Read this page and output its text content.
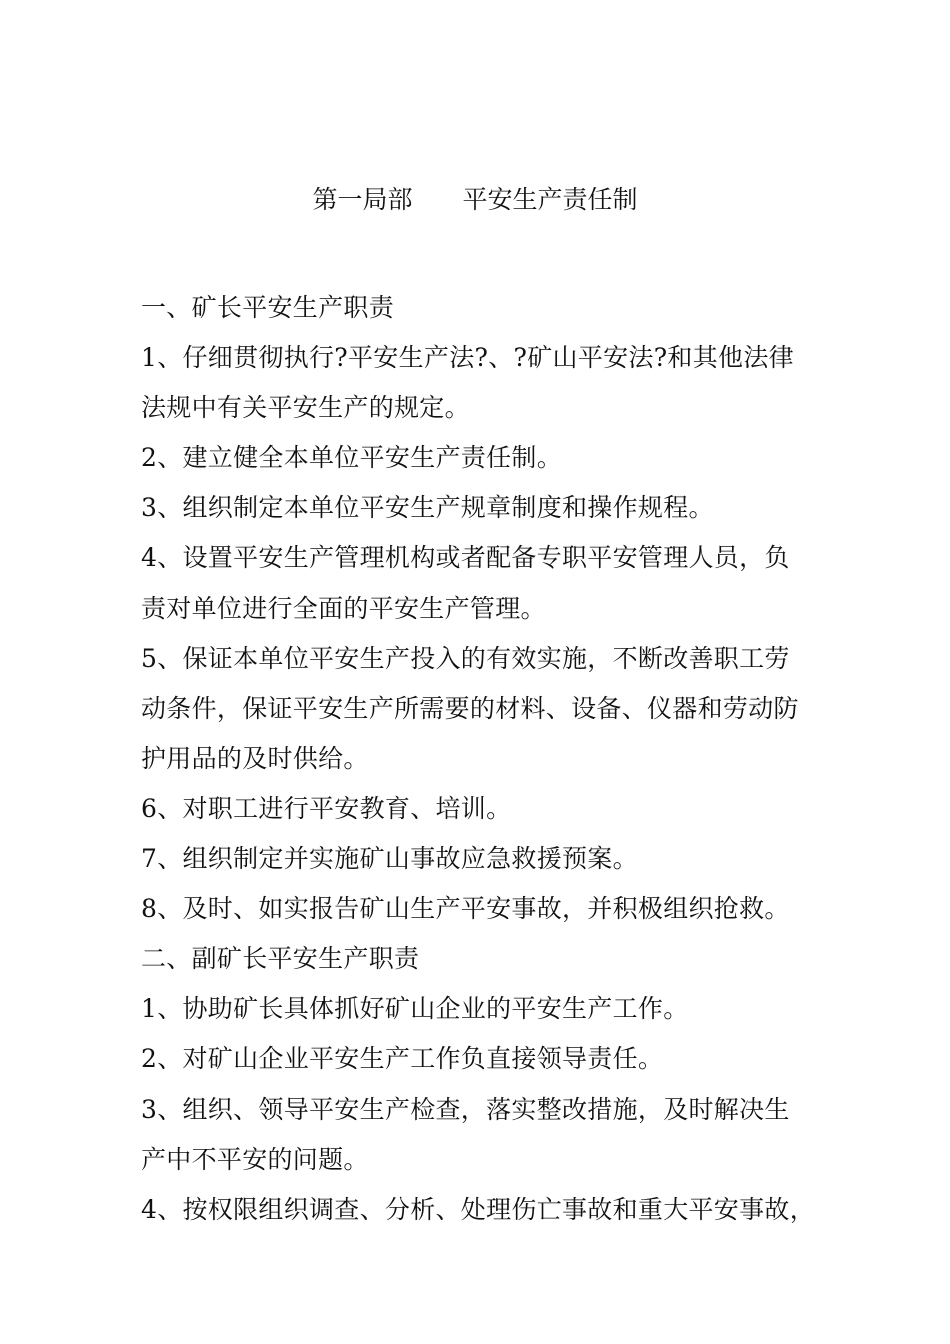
第一局部　　平安生产责任制
一、矿长平安生产职责
1、仔细贯彻执行?平安生产法?、?矿山平安法?和其他法律
法规中有关平安生产的规定。
2、建立健全本单位平安生产责任制。
3、组织制定本单位平安生产规章制度和操作规程。
4、设置平安生产管理机构或者配备专职平安管理人员，负
责对单位进行全面的平安生产管理。
5、保证本单位平安生产投入的有效实施，不断改善职工劳
动条件，保证平安生产所需要的材料、设备、仪器和劳动防
护用品的及时供给。
6、对职工进行平安教育、培训。
7、组织制定并实施矿山事故应急救援预案。
8、及时、如实报告矿山生产平安事故，并积极组织抢救。
二、副矿长平安生产职责
1、协助矿长具体抓好矿山企业的平安生产工作。
2、对矿山企业平安生产工作负直接领导责任。
3、组织、领导平安生产检查，落实整改措施，及时解决生
产中不平安的问题。
4、按权限组织调查、分析、处理伤亡事故和重大平安事故，
